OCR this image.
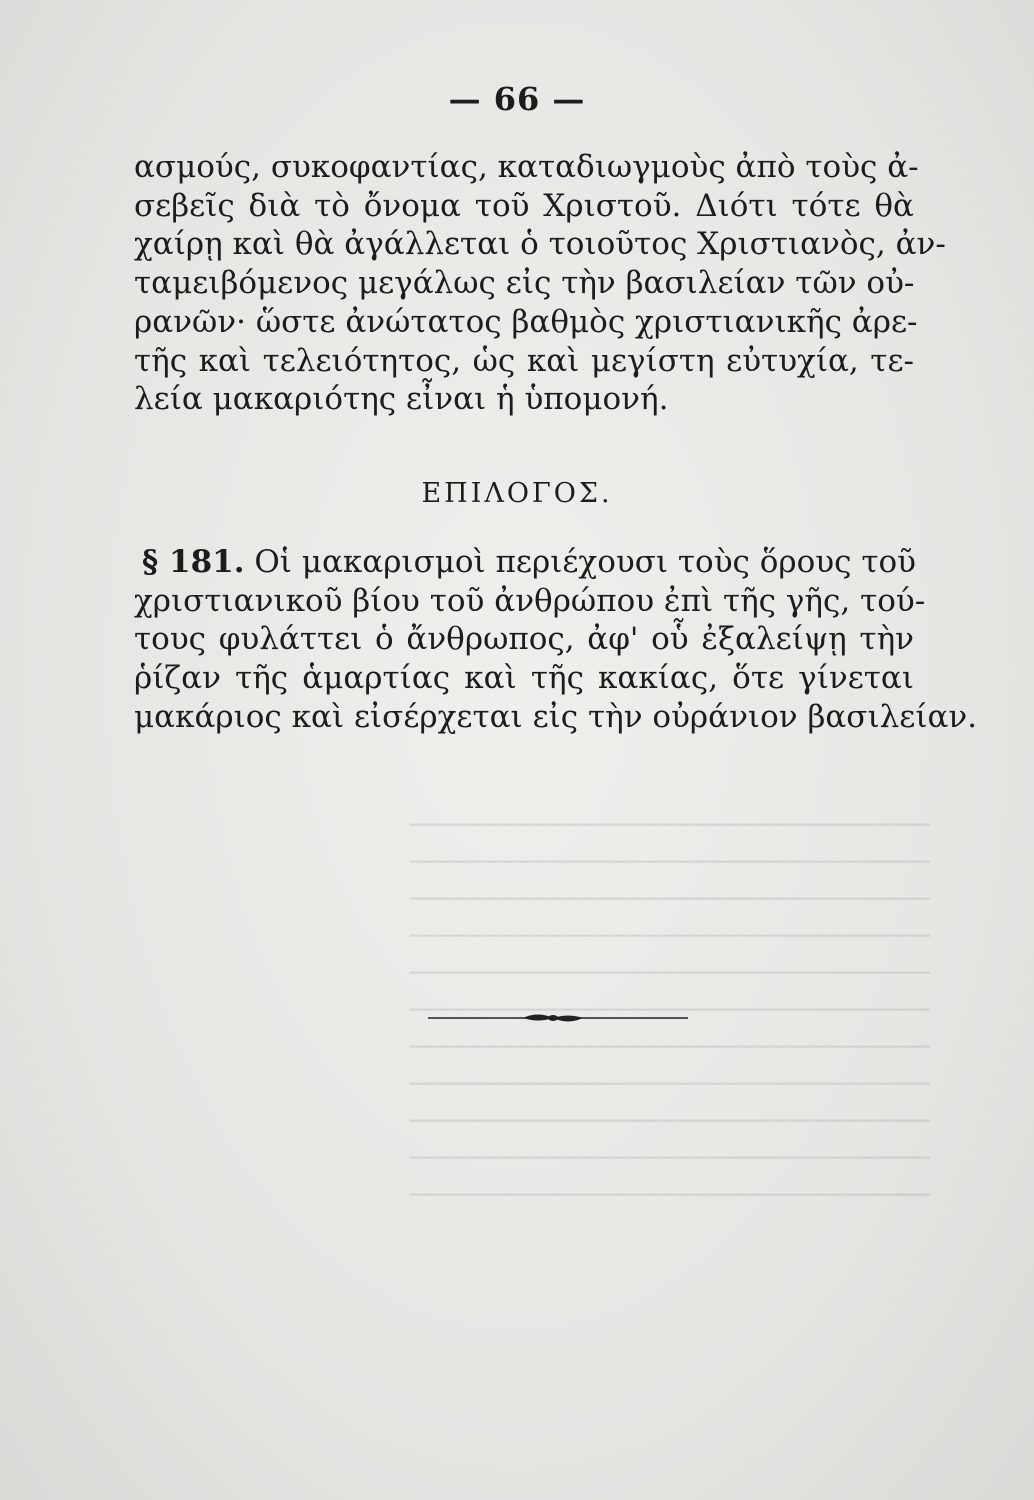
────────────────────────────────
────────────────────────────────
────────────────────────────────
────────────────────────────────
────────────────────────────────
────────────────────────────────
────────────────────────────────
────────────────────────────────
────────────────────────────────
────────────────────────────────
────────────────────────────────

— 66 —
ασμούς, συκοφαντίας, καταδιωγμοὺς ἀπὸ τοὺς ἀ-
σεβεῖς διὰ τὸ ὄνομα τοῦ Χριστοῦ. Διότι τότε θὰ
χαίρῃ καὶ θὰ ἀγάλλεται ὁ τοιοῦτος Χριστιανὸς, ἀν-
ταμειβόμενος μεγάλως εἰς τὴν βασιλείαν τῶν οὐ-
ρανῶν· ὥστε ἀνώτατος βαθμὸς χριστιανικῆς ἀρε-
τῆς καὶ τελειότητος, ὡς καὶ μεγίστη εὐτυχία, τε-
λεία μακαριότης εἶναι ἡ ὑπομονή.
ΕΠΙΛΟΓΟΣ.
§ 181. Οἱ μακαρισμοὶ περιέχουσι τοὺς ὅρους τοῦ
χριστιανικοῦ βίου τοῦ ἀνθρώπου ἐπὶ τῆς γῆς, τού-
τους φυλάττει ὁ ἄνθρωπος, ἀφ' οὗ ἐξαλείψῃ τὴν
ῥίζαν τῆς ἁμαρτίας καὶ τῆς κακίας, ὅτε γίνεται
μακάριος καὶ εἰσέρχεται εἰς τὴν οὐράνιον βασιλείαν.
